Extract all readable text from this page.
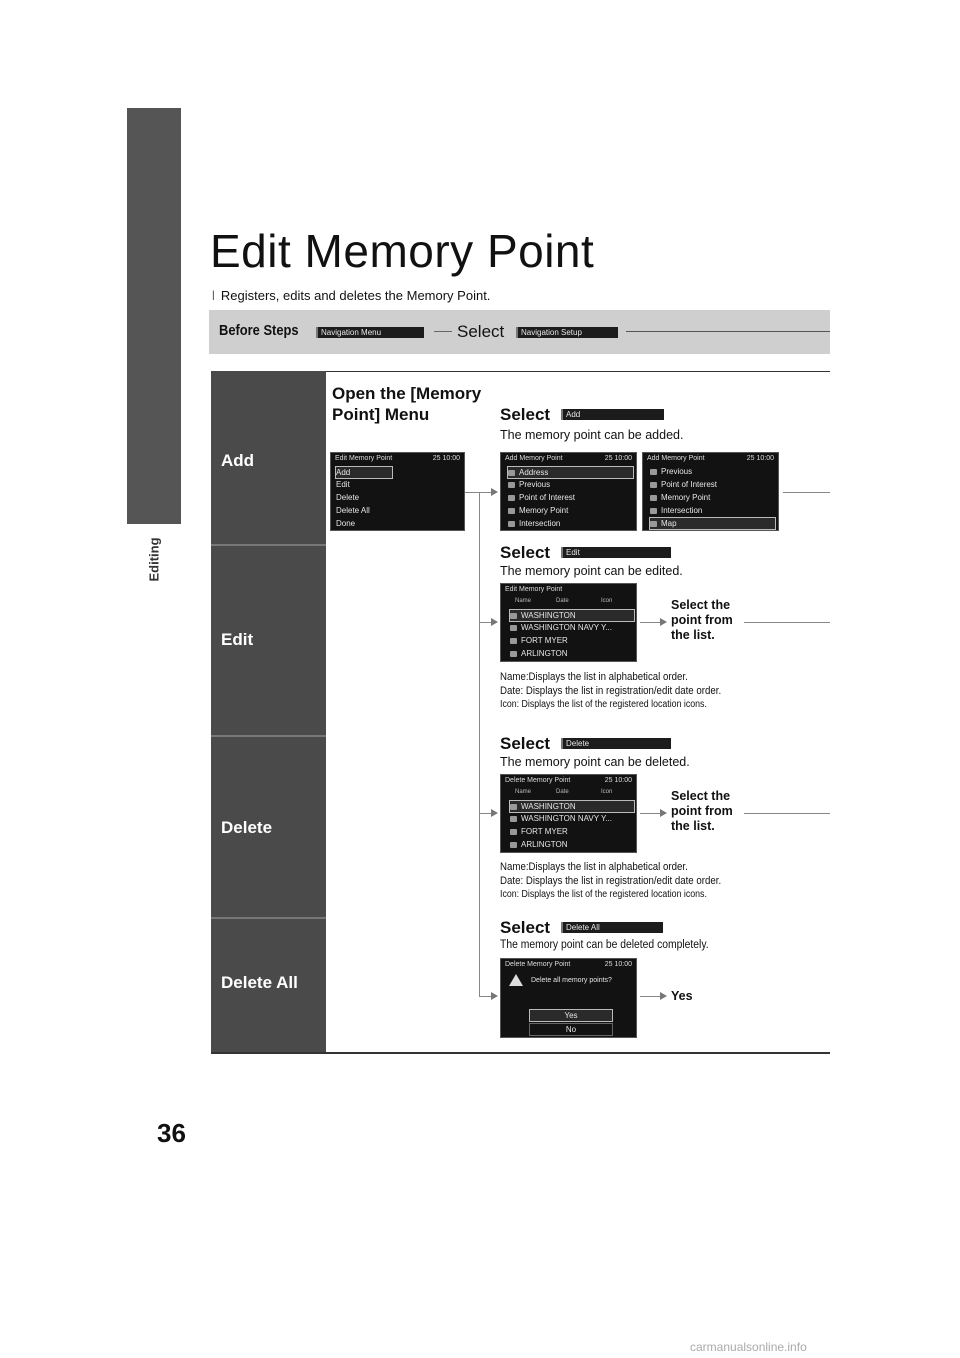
Editing
Edit Memory Point
l Registers, edits and deletes the Memory Point.
Before Steps	Navigation Menu	Select	Navigation Setup
Add
Edit
Delete
Delete All
Open the [Memory Point] Menu
Edit Memory Point	25 10:00
Add
Edit
Delete
Delete All
Done
Select	Add
The memory point can be added.
Add Memory Point	25 10:00
Address
Previous
Point of Interest
Memory Point
Intersection
Add Memory Point	25 10:00
Previous
Point of Interest
Memory Point
Intersection
Map
Select	Edit
The memory point can be edited.
Edit Memory Point
Name	Date	Icon
WASHINGTON
WASHINGTON NAVY Y...
FORT MYER
ARLINGTON
Select the point from the list.
Name:Displays the list in alphabetical order.
Date: Displays the list in registration/edit date order.
Icon: Displays the list of the registered location icons.
Select	Delete
The memory point can be deleted.
Delete Memory Point	25 10:00
Name	Date	Icon
WASHINGTON
WASHINGTON NAVY Y...
FORT MYER
ARLINGTON
Select the point from the list.
Name:Displays the list in alphabetical order.
Date: Displays the list in registration/edit date order.
Icon: Displays the list of the registered location icons.
Select	Delete All
The memory point can be deleted completely.
Delete Memory Point	25 10:00
Delete all memory points?
Yes
No
Yes
36
carmanualsonline.info
